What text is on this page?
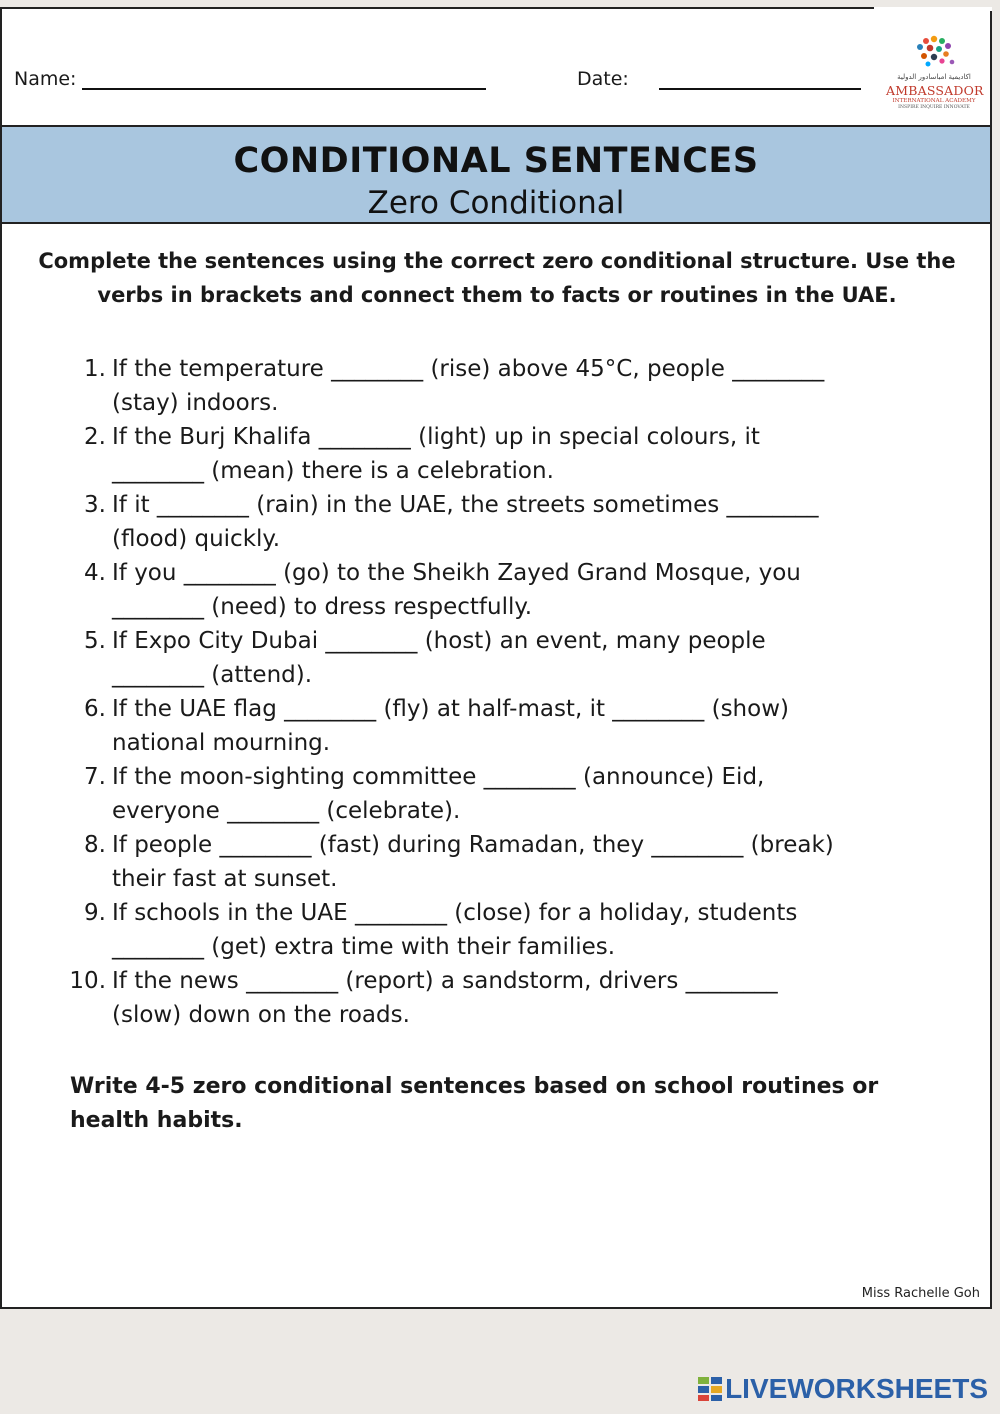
Name:	Date:	اكاديمية امباسادور الدولية
AMBASSADOR
INTERNATIONAL ACADEMY
INSPIRE INQUIRE INNOVATE
CONDITIONAL SENTENCES
Zero Conditional
Complete the sentences using the correct zero conditional structure. Use the verbs in brackets and connect them to facts or routines in the UAE.
1. If the temperature ________ (rise) above 45°C, people ________
(stay) indoors.
2. If the Burj Khalifa ________ (light) up in special colours, it
________ (mean) there is a celebration.
3. If it ________ (rain) in the UAE, the streets sometimes ________
(flood) quickly.
4. If you ________ (go) to the Sheikh Zayed Grand Mosque, you
________ (need) to dress respectfully.
5. If Expo City Dubai ________ (host) an event, many people
________ (attend).
6. If the UAE flag ________ (fly) at half-mast, it ________ (show)
national mourning.
7. If the moon-sighting committee ________ (announce) Eid,
everyone ________ (celebrate).
8. If people ________ (fast) during Ramadan, they ________ (break)
their fast at sunset.
9. If schools in the UAE ________ (close) for a holiday, students
________ (get) extra time with their families.
10. If the news ________ (report) a sandstorm, drivers ________
(slow) down on the roads.
Write 4-5 zero conditional sentences based on school routines or health habits.
Miss Rachelle Goh
LIVEWORKSHEETS
